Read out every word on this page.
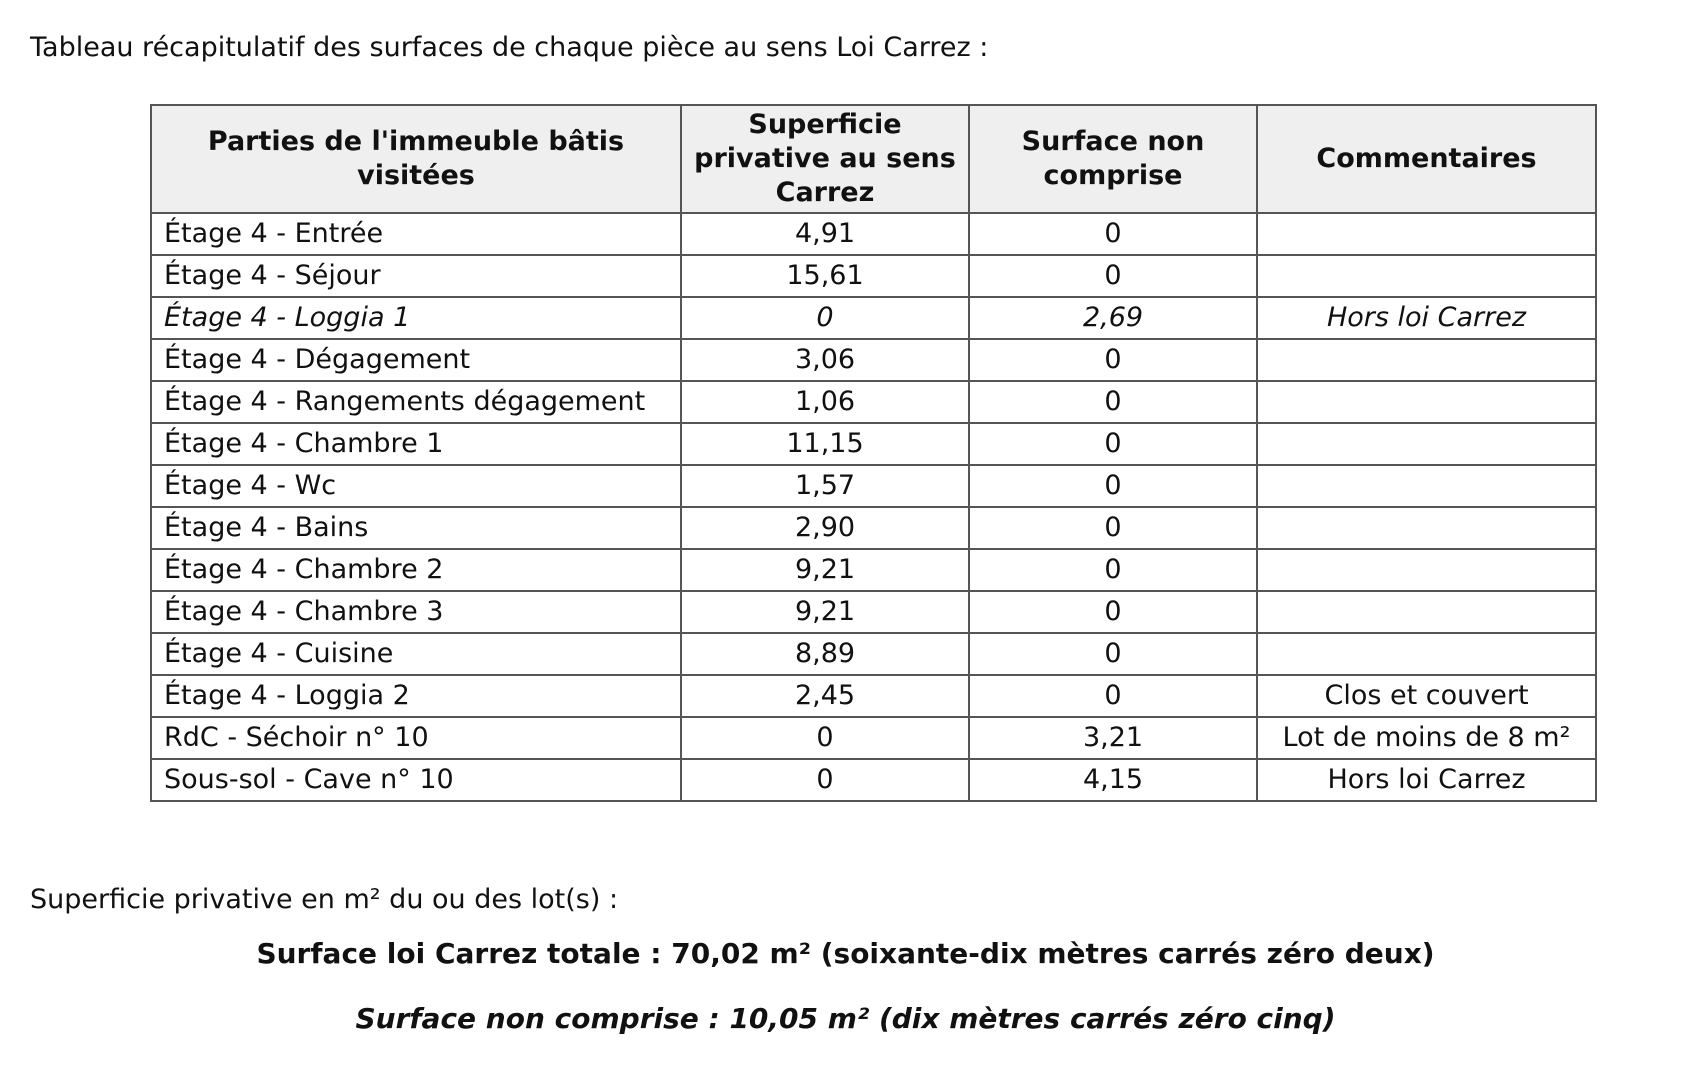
Tableau récapitulatif des surfaces de chaque pièce au sens Loi Carrez :
Parties de l'immeuble bâtis visitées	Superficie privative au sens Carrez	Surface non comprise	Commentaires
Étage 4 - Entrée	4,91	0	
Étage 4 - Séjour	15,61	0	
Étage 4 - Loggia 1	0	2,69	Hors loi Carrez
Étage 4 - Dégagement	3,06	0	
Étage 4 - Rangements dégagement	1,06	0	
Étage 4 - Chambre 1	11,15	0	
Étage 4 - Wc	1,57	0	
Étage 4 - Bains	2,90	0	
Étage 4 - Chambre 2	9,21	0	
Étage 4 - Chambre 3	9,21	0	
Étage 4 - Cuisine	8,89	0	
Étage 4 - Loggia 2	2,45	0	Clos et couvert
RdC - Séchoir n° 10	0	3,21	Lot de moins de 8 m²
Sous-sol - Cave n° 10	0	4,15	Hors loi Carrez
Superficie privative en m² du ou des lot(s) :
Surface loi Carrez totale : 70,02 m² (soixante-dix mètres carrés zéro deux)
Surface non comprise : 10,05 m² (dix mètres carrés zéro cinq)
